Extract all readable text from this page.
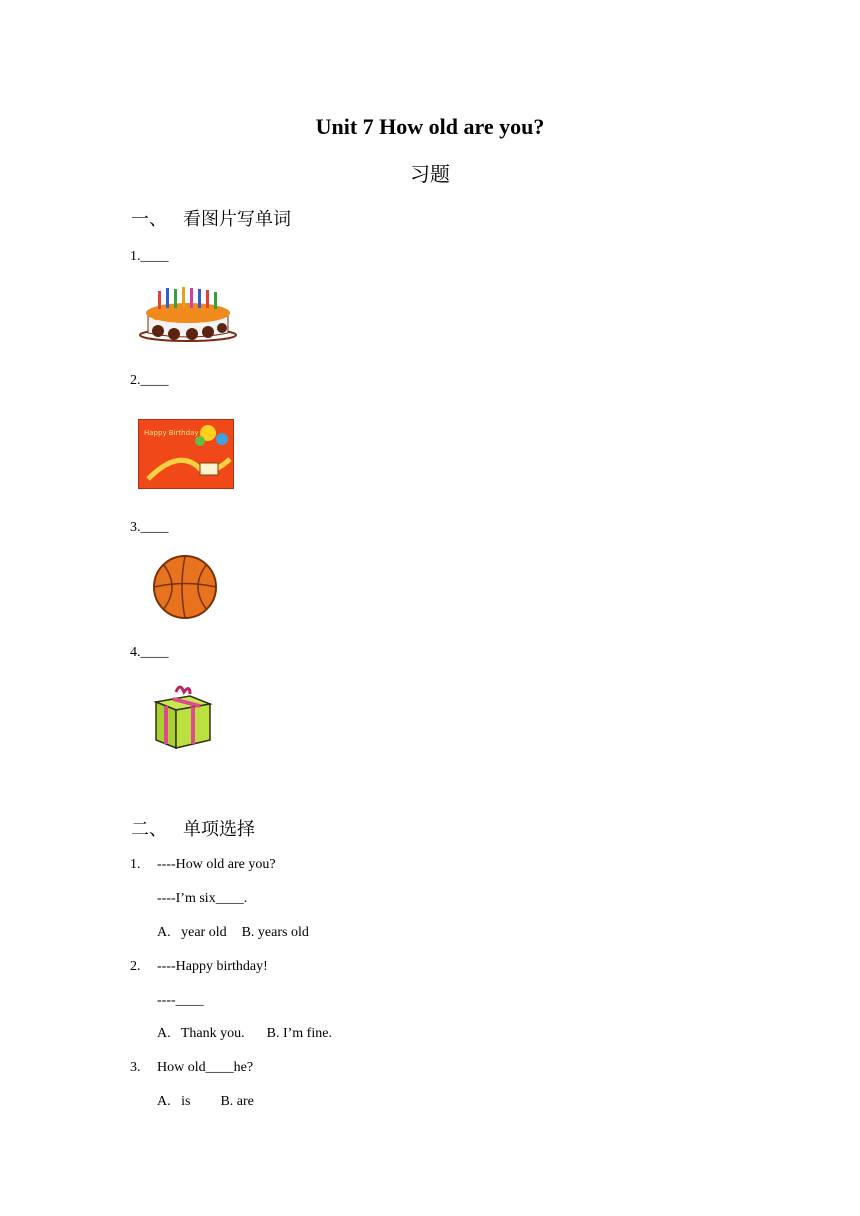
Unit 7 How old are you?
习题
一、 看图片写单词
1.____
2.____
Happy Birthday
3.____
4.____
二、 单项选择
1. ----How old are you?
----I’m six____.
A.   year old B. years old
2. ----Happy birthday!
----____
A.   Thank you. B. I’m fine.
3. How old____he?
A.   is B. are
